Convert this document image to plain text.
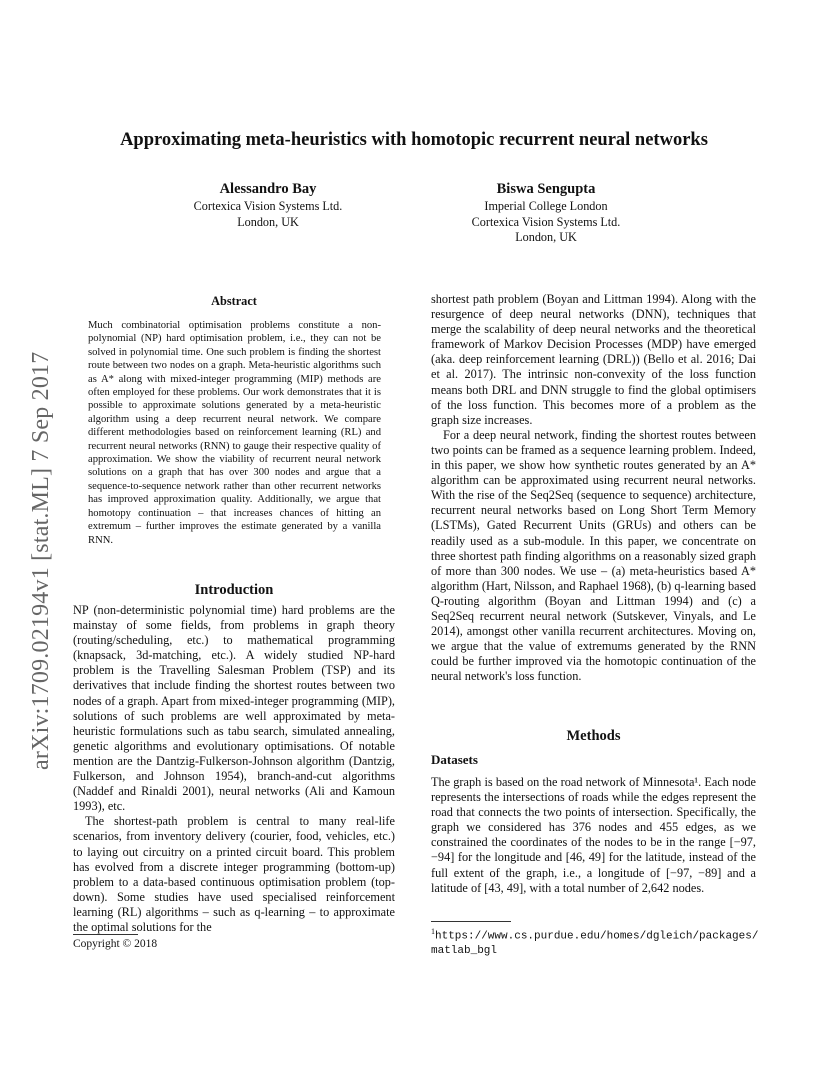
arXiv:1709.02194v1 [stat.ML] 7 Sep 2017
Approximating meta-heuristics with homotopic recurrent neural networks
Alessandro Bay
Cortexica Vision Systems Ltd.
London, UK
Biswa Sengupta
Imperial College London
Cortexica Vision Systems Ltd.
London, UK
Abstract
Much combinatorial optimisation problems constitute a non-polynomial (NP) hard optimisation problem, i.e., they can not be solved in polynomial time. One such problem is finding the shortest route between two nodes on a graph. Meta-heuristic algorithms such as A* along with mixed-integer programming (MIP) methods are often employed for these problems. Our work demonstrates that it is possible to approximate solutions generated by a meta-heuristic algorithm using a deep recurrent neural network. We compare different methodologies based on reinforcement learning (RL) and recurrent neural networks (RNN) to gauge their respective quality of approximation. We show the viability of recurrent neural network solutions on a graph that has over 300 nodes and argue that a sequence-to-sequence network rather than other recurrent networks has improved approximation quality. Additionally, we argue that homotopy continuation – that increases chances of hitting an extremum – further improves the estimate generated by a vanilla RNN.
Introduction

NP (non-deterministic polynomial time) hard problems are the mainstay of some fields, from problems in graph theory (routing/scheduling, etc.) to mathematical programming (knapsack, 3d-matching, etc.). A widely studied NP-hard problem is the Travelling Salesman Problem (TSP) and its derivatives that include finding the shortest routes between two nodes of a graph. Apart from mixed-integer programming (MIP), solutions of such problems are well approximated by meta-heuristic formulations such as tabu search, simulated annealing, genetic algorithms and evolutionary optimisations. Of notable mention are the Dantzig-Fulkerson-Johnson algorithm (Dantzig, Fulkerson, and Johnson 1954), branch-and-cut algorithms (Naddef and Rinaldi 2001), neural networks (Ali and Kamoun 1993), etc.

The shortest-path problem is central to many real-life scenarios, from inventory delivery (courier, food, vehicles, etc.) to laying out circuitry on a printed circuit board. This problem has evolved from a discrete integer programming (bottom-up) problem to a data-based continuous optimisation problem (top-down). Some studies have used specialised reinforcement learning (RL) algorithms – such as q-learning – to approximate the optimal solutions for the

shortest path problem (Boyan and Littman 1994). Along with the resurgence of deep neural networks (DNN), techniques that merge the scalability of deep neural networks and the theoretical framework of Markov Decision Processes (MDP) have emerged (aka. deep reinforcement learning (DRL)) (Bello et al. 2016; Dai et al. 2017). The intrinsic non-convexity of the loss function means both DRL and DNN struggle to find the global optimisers of the loss function. This becomes more of a problem as the graph size increases.

For a deep neural network, finding the shortest routes between two points can be framed as a sequence learning problem. Indeed, in this paper, we show how synthetic routes generated by an A* algorithm can be approximated using recurrent neural networks. With the rise of the Seq2Seq (sequence to sequence) architecture, recurrent neural networks based on Long Short Term Memory (LSTMs), Gated Recurrent Units (GRUs) and others can be readily used as a sub-module. In this paper, we concentrate on three shortest path finding algorithms on a reasonably sized graph of more than 300 nodes. We use – (a) meta-heuristics based A* algorithm (Hart, Nilsson, and Raphael 1968), (b) q-learning based Q-routing algorithm (Boyan and Littman 1994) and (c) a Seq2Seq recurrent neural network (Sutskever, Vinyals, and Le 2014), amongst other vanilla recurrent architectures. Moving on, we argue that the value of extremums generated by the RNN could be further improved via the homotopic continuation of the neural network's loss function.

Methods
Datasets

The graph is based on the road network of Minnesota¹. Each node represents the intersections of roads while the edges represent the road that connects the two points of intersection. Specifically, the graph we considered has 376 nodes and 455 edges, as we constrained the coordinates of the nodes to be in the range [−97, −94] for the longitude and [46, 49] for the latitude, instead of the full extent of the graph, i.e., a longitude of [−97, −89] and a latitude of [43, 49], with a total number of 2,642 nodes.

Copyright © 2018
$^1$https://www.cs.purdue.edu/homes/dgleich/packages/matlab_bgl
